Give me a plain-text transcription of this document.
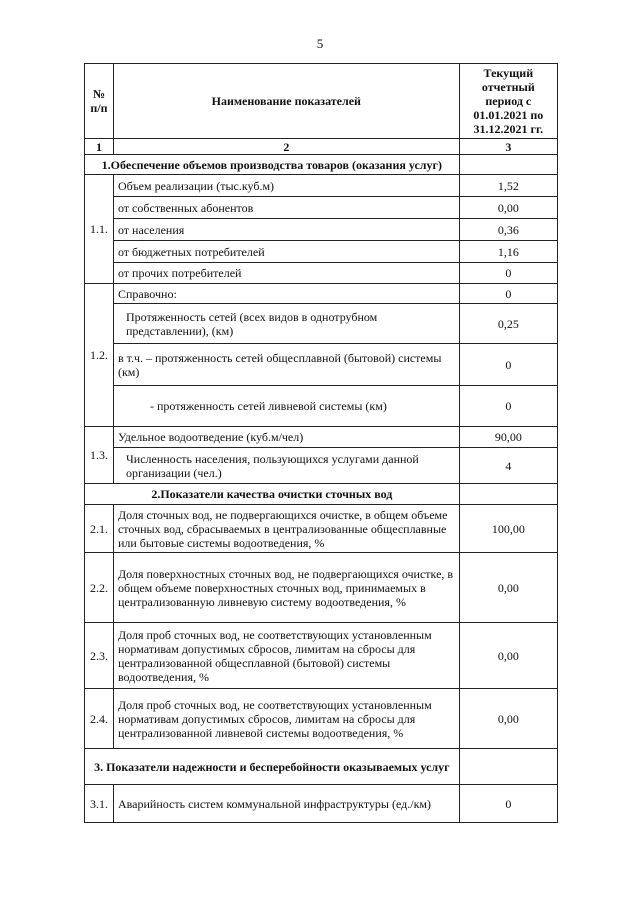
5
№ п/п	Наименование показателей	Текущий отчетный период с 01.01.2021 по 31.12.2021 гг.
1	2	3
1.Обеспечение объемов производства товаров (оказания услуг)		
1.1.	Объем реализации (тыс.куб.м)	1,52
	от собственных абонентов	0,00
	от населения	0,36
	от бюджетных потребителей	1,16
	от прочих потребителей	0
1.2.	Справочно:	0
	Протяженность сетей (всех видов в однотрубном представлении), (км)	0,25
	в т.ч. – протяженность сетей общесплавной (бытовой) системы (км)	0
	- протяженность сетей ливневой системы (км)	0
1.3.	Удельное водоотведение (куб.м/чел)	90,00
	Численность населения, пользующихся услугами данной организации (чел.)	4
2.Показатели качества очистки сточных вод		
2.1.	Доля сточных вод, не подвергающихся очистке, в общем объеме сточных вод, сбрасываемых в централизованные общесплавные или бытовые системы водоотведения, %	100,00
2.2.	Доля поверхностных сточных вод, не подвергающихся очистке, в общем объеме поверхностных сточных вод, принимаемых в централизованную ливневую систему водоотведения, %	0,00
2.3.	Доля проб сточных вод, не соответствующих установленным нормативам допустимых сбросов, лимитам на сбросы для централизованной общесплавной (бытовой) системы водоотведения, %	0,00
2.4.	Доля проб сточных вод, не соответствующих установленным нормативам допустимых сбросов, лимитам на сбросы для централизованной ливневой системы водоотведения, %	0,00
3. Показатели надежности и бесперебойности оказываемых услуг		
3.1.	Аварийность систем коммунальной инфраструктуры (ед./км)	0
